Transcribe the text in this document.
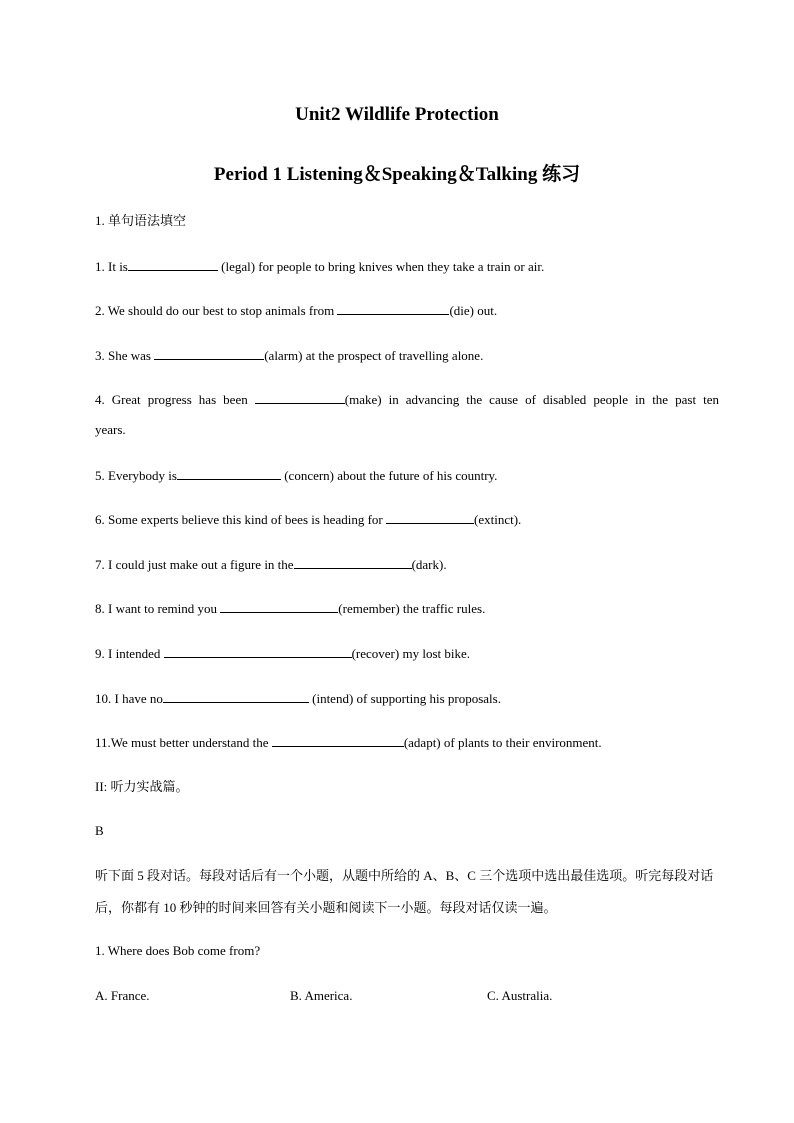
Unit2 Wildlife Protection
Period 1 Listening＆Speaking＆Talking 练习

1. 单句语法填空

1. It is	(legal) for people to bring knives when they take a train or air.

2. We should do our best to stop animals from	(die) out.

3. She was	(alarm) at the prospect of travelling alone.

4. Great progress has been	(make) in advancing the cause of disabled people in the past ten

years.

5. Everybody is	(concern) about the future of his country.

6. Some experts believe this kind of bees is heading for	(extinct).

7. I could just make out a figure in the	(dark).

8. I want to remind you	(remember) the traffic rules.

9. I intended	(recover) my lost bike.

10. I have no	(intend) of supporting his proposals.

11.We must better understand the	(adapt) of plants to their environment.

II: 听力实战篇。

B

听下面 5 段对话。每段对话后有一个小题，从题中所给的 A、B、C 三个选项中选出最佳选项。听完每段对话后，你都有 10 秒钟的时间来回答有关小题和阅读下一小题。每段对话仅读一遍。

1. Where does Bob come from?

A. France.	B. America.	C. Australia.
